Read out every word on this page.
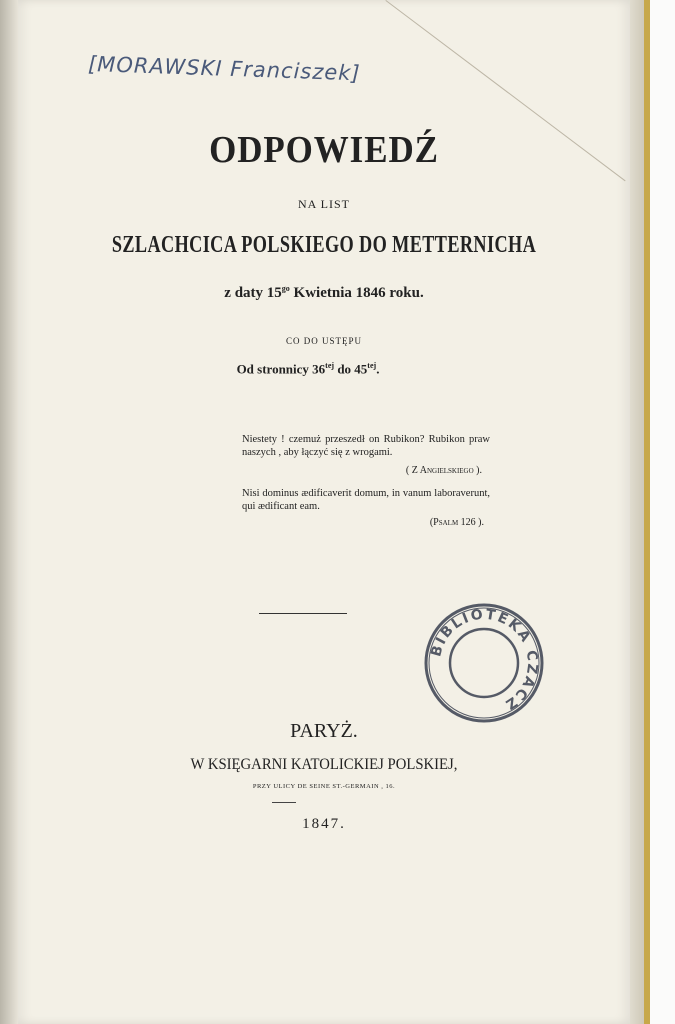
[MORAWSKI Franciszek]
ODPOWIEDŹ
NA LIST
SZLACHCICA POLSKIEGO DO METTERNICHA
z daty $15^{go}$ Kwietnia 1846 roku.
CO DO USTĘPU
Od stronnicy $36^{tej}$ do $45^{tej}$.
Niestety ! czemuż przeszedł on Rubikon? Rubikon praw naszych , aby łączyć się z wrogami.
( Z Angielskiego ).
Nisi dominus ædificaverit domum, in vanum laboraverunt, qui ædificant eam.
(Psalm 126 ).
BIBLIOTEKA CZACZ
PARYŻ.
W KSIĘGARNI KATOLICKIEJ POLSKIEJ,
PRZY ULICY DE SEINE ST.-GERMAIN , 16.
1847.
